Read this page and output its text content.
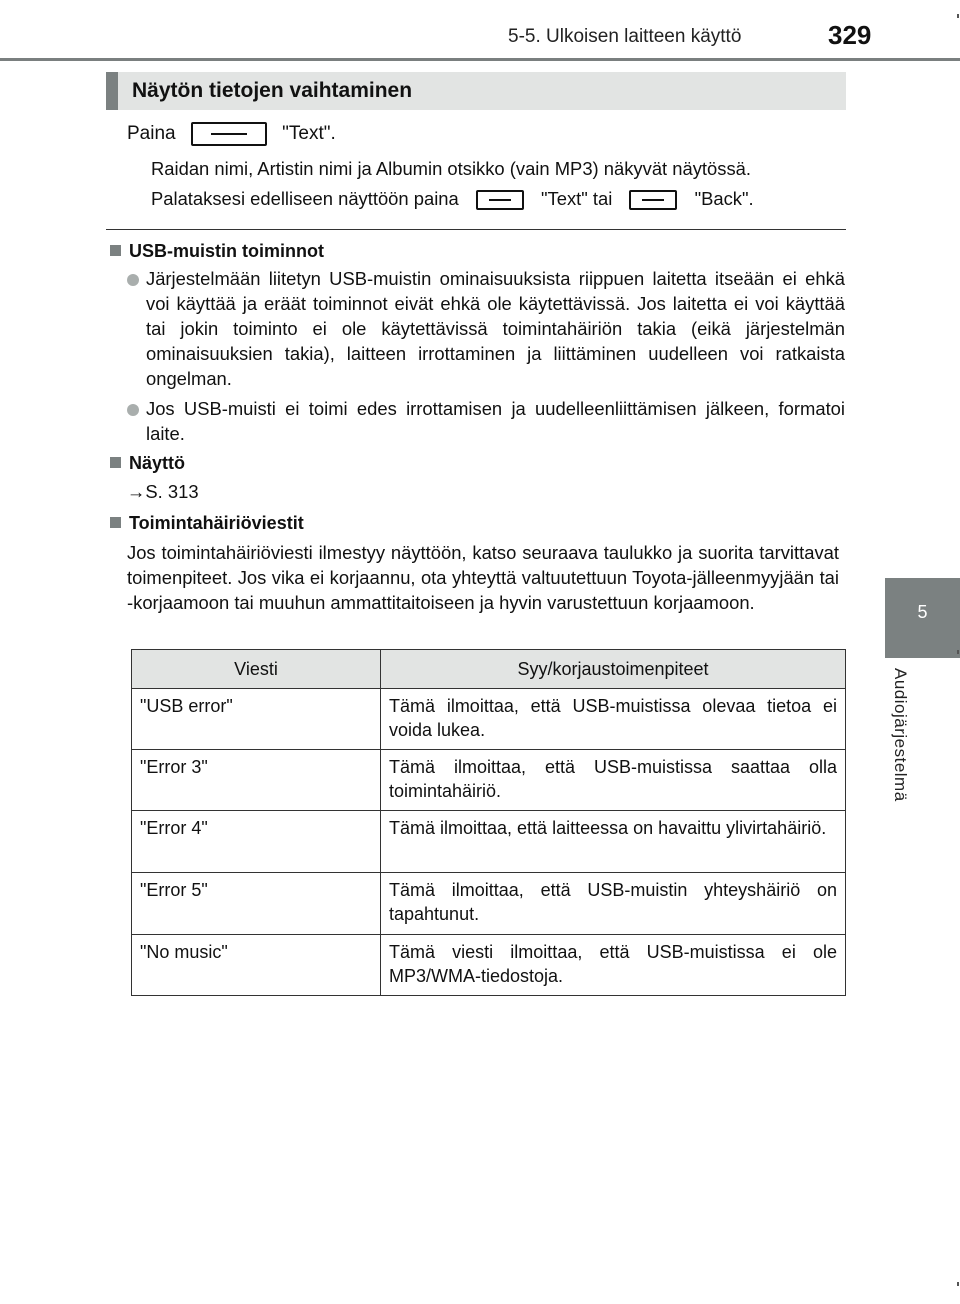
5-5. Ulkoisen laitteen käyttö	329
5
Audiojärjestelmä
Näytön tietojen vaihtaminen
Paina	"Text".
Raidan nimi, Artistin nimi ja Albumin otsikko (vain MP3) näkyvät näytössä.
Palataksesi edelliseen näyttöön paina	"Text" tai	"Back".
USB-muistin toiminnot
Järjestelmään liitetyn USB-muistin ominaisuuksista riippuen laitetta itseään ei ehkä voi käyttää ja eräät toiminnot eivät ehkä ole käytettävissä. Jos laitetta ei voi käyttää tai jokin toiminto ei ole käytettävissä toimintahäiriön takia (eikä järjestelmän ominaisuuksien takia), laitteen irrottaminen ja liittäminen uudelleen voi ratkaista ongelman.
Jos USB-muisti ei toimi edes irrottamisen ja uudelleenliittämisen jälkeen, formatoi laite.
Näyttö
→S. 313
Toimintahäiriöviestit
Jos toimintahäiriöviesti ilmestyy näyttöön, katso seuraava taulukko ja suorita tarvittavat toimenpiteet. Jos vika ei korjaannu, ota yhteyttä valtuutettuun Toyota-jälleenmyyjään tai -korjaamoon tai muuhun ammattitaitoiseen ja hyvin varustettuun korjaamoon.
Viesti	Syy/korjaustoimenpiteet
"USB error"	Tämä ilmoittaa, että USB-muistissa olevaa tietoa ei voida lukea.
"Error 3"	Tämä ilmoittaa, että USB-muistissa saattaa olla toimintahäiriö.
"Error 4"	Tämä ilmoittaa, että laitteessa on havaittu ylivirtahäiriö.
"Error 5"	Tämä ilmoittaa, että USB-muistin yhteyshäiriö on tapahtunut.
"No music"	Tämä viesti ilmoittaa, että USB-muistissa ei ole MP3/WMA-tiedostoja.
